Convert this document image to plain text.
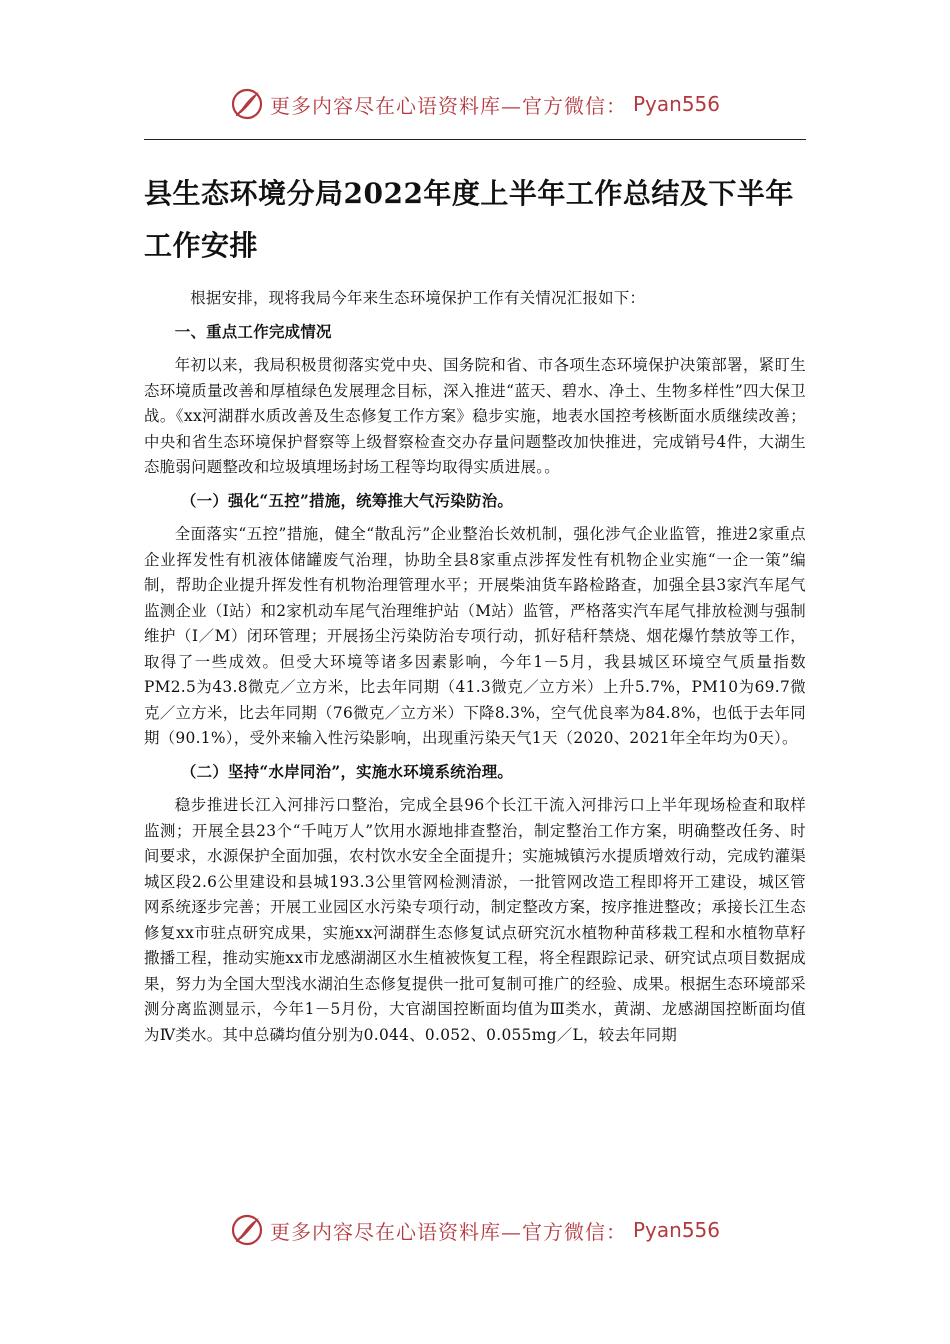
更多内容尽在心语资料库—官方微信： Pyan556
县生态环境分局2022年度上半年工作总结及下半年工作安排

根据安排，现将我局今年来生态环境保护工作有关情况汇报如下：

一、重点工作完成情况

年初以来，我局积极贯彻落实党中央、国务院和省、市各项生态环境保护决策部署，紧盯生态环境质量改善和厚植绿色发展理念目标，深入推进“蓝天、碧水、净土、生物多样性”四大保卫战。《xx河湖群水质改善及生态修复工作方案》稳步实施，地表水国控考核断面水质继续改善；中央和省生态环境保护督察等上级督察检查交办存量问题整改加快推进，完成销号4件，大湖生态脆弱问题整改和垃圾填埋场封场工程等均取得实质进展。。

（一）强化“五控”措施，统筹推大气污染防治。

全面落实“五控”措施，健全“散乱污”企业整治长效机制，强化涉气企业监管，推进2家重点企业挥发性有机液体储罐废气治理，协助全县8家重点涉挥发性有机物企业实施“一企一策”编制，帮助企业提升挥发性有机物治理管理水平；开展柴油货车路检路查，加强全县3家汽车尾气监测企业（I站）和2家机动车尾气治理维护站（M站）监管，严格落实汽车尾气排放检测与强制维护（I／M）闭环管理；开展扬尘污染防治专项行动，抓好秸秆禁烧、烟花爆竹禁放等工作，取得了一些成效。但受大环境等诸多因素影响，今年1－5月，我县城区环境空气质量指数PM2.5为43.8微克／立方米，比去年同期（41.3微克／立方米）上升5.7%，PM10为69.7微克／立方米，比去年同期（76微克／立方米）下降8.3%，空气优良率为84.8%，也低于去年同期（90.1%），受外来输入性污染影响，出现重污染天气1天（2020、2021年全年均为0天）。

（二）坚持“水岸同治”，实施水环境系统治理。

稳步推进长江入河排污口整治，完成全县96个长江干流入河排污口上半年现场检查和取样监测；开展全县23个“千吨万人”饮用水源地排查整治，制定整治工作方案，明确整改任务、时间要求，水源保护全面加强，农村饮水安全全面提升；实施城镇污水提质增效行动，完成钓灌渠城区段2.6公里建设和县城193.3公里管网检测清淤，一批管网改造工程即将开工建设，城区管网系统逐步完善；开展工业园区水污染专项行动，制定整改方案，按序推进整改；承接长江生态修复xx市驻点研究成果，实施xx河湖群生态修复试点研究沉水植物种苗移栽工程和水植物草籽撒播工程，推动实施xx市龙感湖湖区水生植被恢复工程，将全程跟踪记录、研究试点项目数据成果，努力为全国大型浅水湖泊生态修复提供一批可复制可推广的经验、成果。根据生态环境部采测分离监测显示，今年1－5月份，大官湖国控断面均值为Ⅲ类水，黄湖、龙感湖国控断面均值为Ⅳ类水。其中总磷均值分别为0.044、0.052、0.055mg／L，较去年同期

更多内容尽在心语资料库—官方微信： Pyan556
